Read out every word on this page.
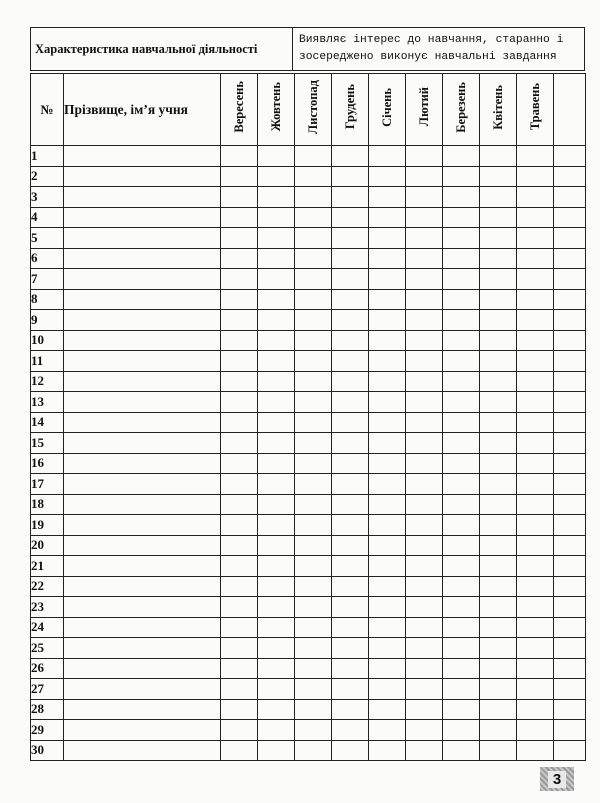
Характеристика навчальної діяльності
Виявляє інтерес до навчання, старанно і зосереджено виконує навчальні завдання
№	Прізвище, ім’я учня	Вересень	Жовтень	Листопад	Грудень	Січень	Лютий	Березень	Квітень	Травень	
1											
2											
3											
4											
5											
6											
7											
8											
9											
10											
11											
12											
13											
14											
15											
16											
17											
18											
19											
20											
21											
22											
23											
24											
25											
26											
27											
28											
29											
30											
3
